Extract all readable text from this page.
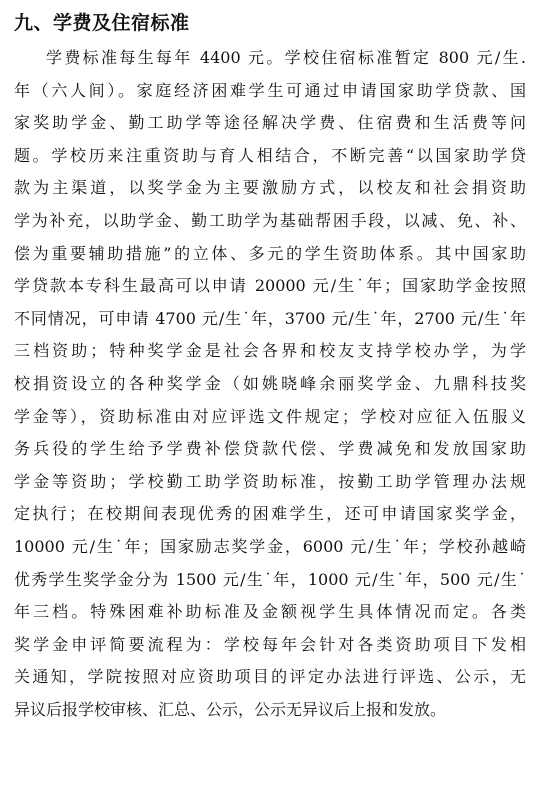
九、学费及住宿标准
学费标准每生每年 4400 元。学校住宿标准暂定 800 元/生.
年（六人间）。家庭经济困难学生可通过申请国家助学贷款、国
家奖助学金、勤工助学等途径解决学费、住宿费和生活费等问
题。学校历来注重资助与育人相结合，不断完善“以国家助学贷
款为主渠道，以奖学金为主要激励方式，以校友和社会捐资助
学为补充，以助学金、勤工助学为基础帮困手段，以减、免、补、
偿为重要辅助措施”的立体、多元的学生资助体系。其中国家助
学贷款本专科生最高可以申请 20000 元/生˙年；国家助学金按照
不同情况，可申请 4700 元/生˙年，3700 元/生˙年，2700 元/生˙年
三档资助；特种奖学金是社会各界和校友支持学校办学，为学
校捐资设立的各种奖学金（如姚晓峰余丽奖学金、九鼎科技奖
学金等），资助标准由对应评选文件规定；学校对应征入伍服义
务兵役的学生给予学费补偿贷款代偿、学费减免和发放国家助
学金等资助；学校勤工助学资助标准，按勤工助学管理办法规
定执行；在校期间表现优秀的困难学生，还可申请国家奖学金，
10000 元/生˙年；国家励志奖学金，6000 元/生˙年；学校孙越崎
优秀学生奖学金分为 1500 元/生˙年，1000 元/生˙年，500 元/生˙
年三档。特殊困难补助标准及金额视学生具体情况而定。各类
奖学金申评简要流程为：学校每年会针对各类资助项目下发相
关通知，学院按照对应资助项目的评定办法进行评选、公示，无
异议后报学校审核、汇总、公示，公示无异议后上报和发放。
